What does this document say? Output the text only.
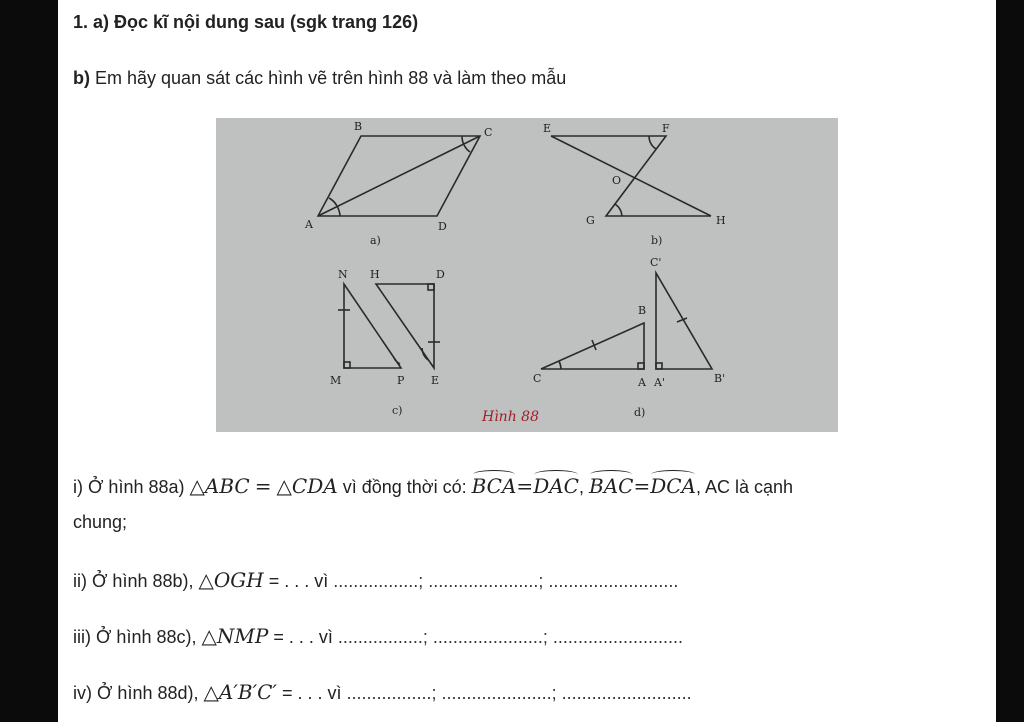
1. a) Đọc kĩ nội dung sau (sgk trang 126)
b) Em hãy quan sát các hình vẽ trên hình 88 và làm theo mẫu
A
B	C
D
a)
E	F
O
G	H
b)
N H	D
M	P E
c)
C'
B
C	A A'	B'
d)
Hình 88
i) Ở hình 88a) △ABC = △CDA vì đồng thời có: BCA=DAC, BAC=DCA, AC là cạnh
chung;
ii) Ở hình 88b), △OGH = . . . vì .................; ......................; ..........................
iii) Ở hình 88c), △NMP = . . . vì .................; ......................; ..........................
iv) Ở hình 88d), △A′B′C′ = . . . vì .................; ......................; ..........................
